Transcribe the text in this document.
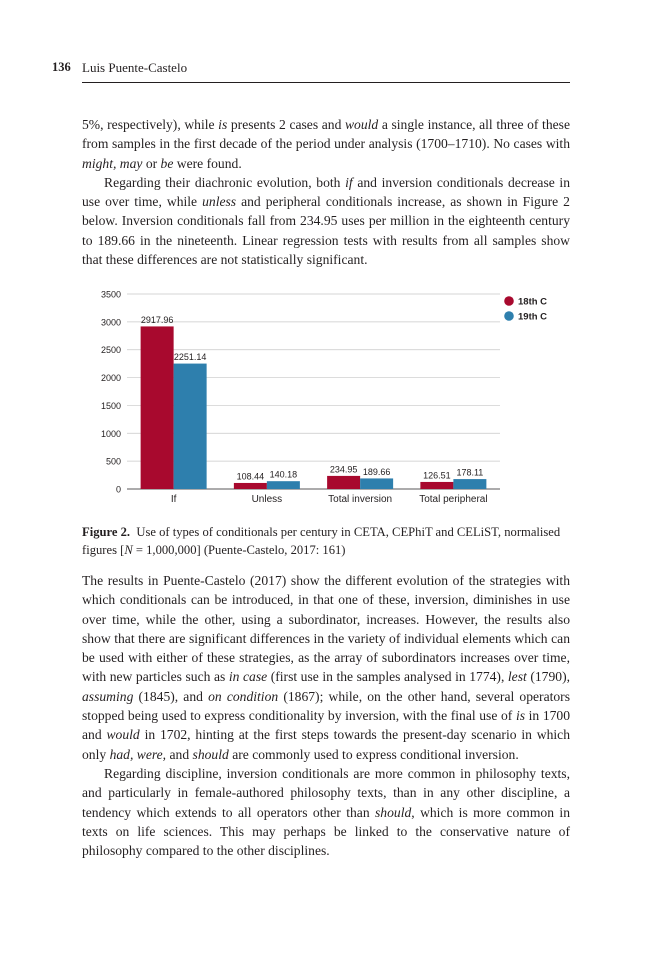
136 Luis Puente-Castelo

5%, respectively), while is presents 2 cases and would a single instance, all three of these from samples in the first decade of the period under analysis (1700–1710). No cases with might, may or be were found.

Regarding their diachronic evolution, both if and inversion conditionals decrease in use over time, while unless and peripheral conditionals increase, as shown in Figure 2 below. Inversion conditionals fall from 234.95 uses per million in the eighteenth century to 189.66 in the nineteenth. Linear regression tests with results from all samples show that these differences are not statistically significant.

0
500
1000
1500
2000
2500
3000
3500
2917.96
2251.14
If
108.44 140.18
Unless
234.95 189.66
Total inversion
126.51 178.11
Total peripheral
18th C
19th C
Figure 2. Use of types of conditionals per century in CETA, CEPhiT and CELiST, normalised figures [N = 1,000,000] (Puente-Castelo, 2017: 161)

The results in Puente-Castelo (2017) show the different evolution of the strategies with which conditionals can be introduced, in that one of these, inversion, diminishes in use over time, while the other, using a subordinator, increases. However, the results also show that there are significant differences in the variety of individual elements which can be used with either of these strategies, as the array of subordinators increases over time, with new particles such as in case (first use in the samples analysed in 1774), lest (1790), assuming (1845), and on condition (1867); while, on the other hand, several operators stopped being used to express conditionality by inversion, with the final use of is in 1700 and would in 1702, hinting at the first steps towards the present-day scenario in which only had, were, and should are commonly used to express conditional inversion.

Regarding discipline, inversion conditionals are more common in philosophy texts, and particularly in female-authored philosophy texts, than in any other discipline, a tendency which extends to all operators other than should, which is more common in texts on life sciences. This may perhaps be linked to the conservative nature of philosophy compared to the other disciplines.
